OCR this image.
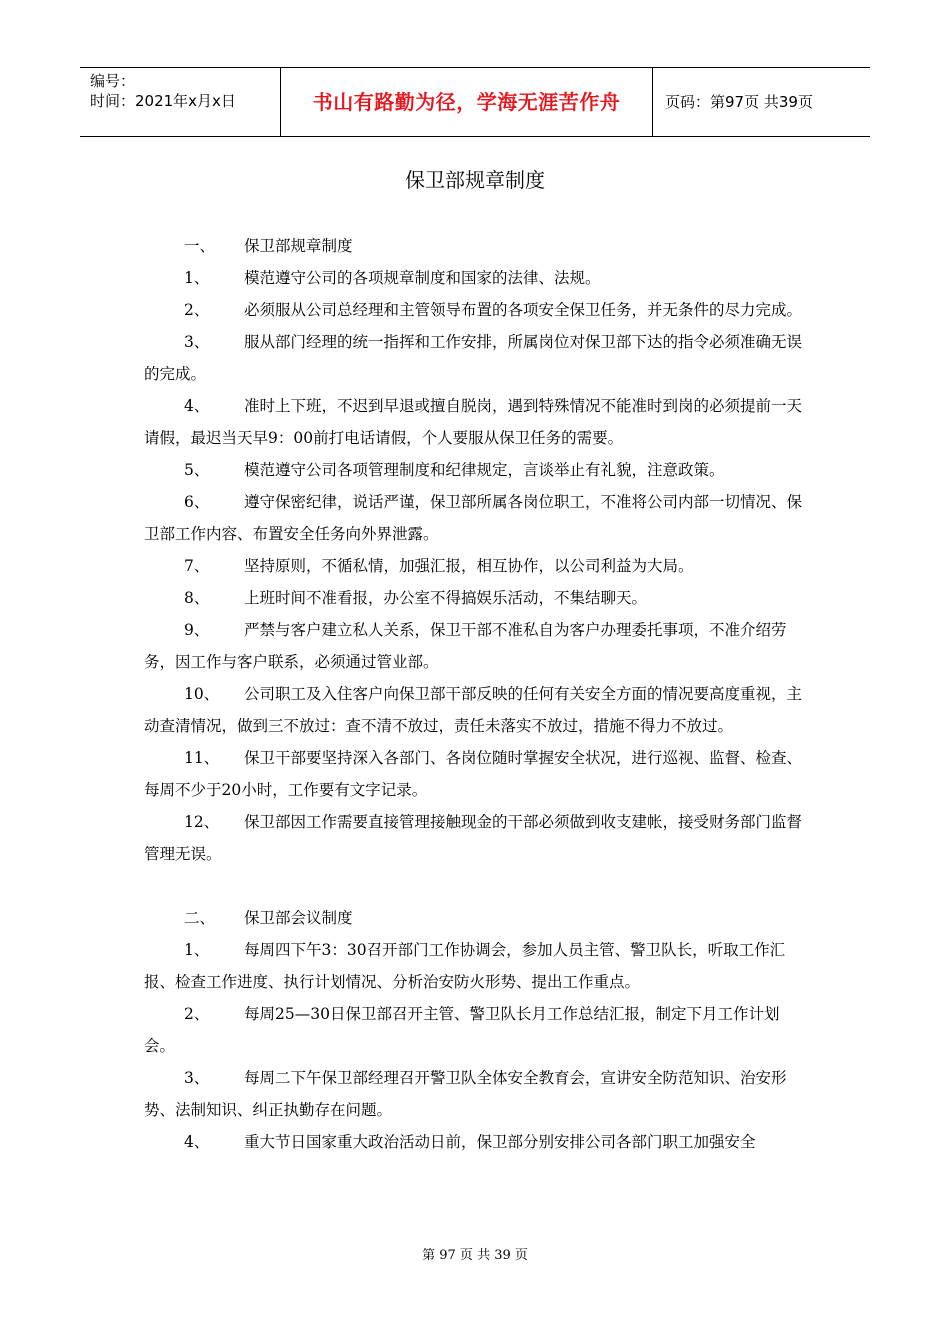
编号：
时间：2021年x月x日	书山有路勤为径，学海无涯苦作舟	页码：第97页 共39页
保卫部规章制度
一、 保卫部规章制度
1、 模范遵守公司的各项规章制度和国家的法律、法规。
2、 必须服从公司总经理和主管领导布置的各项安全保卫任务，并无条件的尽力完成。
3、 服从部门经理的统一指挥和工作安排，所属岗位对保卫部下达的指令必须准确无误的完成。
4、 准时上下班，不迟到早退或擅自脱岗，遇到特殊情况不能准时到岗的必须提前一天请假，最迟当天早9：00前打电话请假，个人要服从保卫任务的需要。
5、 模范遵守公司各项管理制度和纪律规定，言谈举止有礼貌，注意政策。
6、 遵守保密纪律，说话严谨，保卫部所属各岗位职工，不准将公司内部一切情况、保卫部工作内容、布置安全任务向外界泄露。
7、 坚持原则，不循私情，加强汇报，相互协作，以公司利益为大局。
8、 上班时间不准看报，办公室不得搞娱乐活动，不集结聊天。
9、 严禁与客户建立私人关系，保卫干部不准私自为客户办理委托事项，不准介绍劳务，因工作与客户联系，必须通过管业部。
10、 公司职工及入住客户向保卫部干部反映的任何有关安全方面的情况要高度重视，主动查清情况，做到三不放过：查不清不放过，责任未落实不放过，措施不得力不放过。
11、 保卫干部要坚持深入各部门、各岗位随时掌握安全状况，进行巡视、监督、检查、每周不少于20小时，工作要有文字记录。
12、 保卫部因工作需要直接管理接触现金的干部必须做到收支建帐，接受财务部门监督管理无误。
二、 保卫部会议制度
1、 每周四下午3：30召开部门工作协调会，参加人员主管、警卫队长，听取工作汇报、检查工作进度、执行计划情况、分析治安防火形势、提出工作重点。
2、 每周25—30日保卫部召开主管、警卫队长月工作总结汇报，制定下月工作计划会。
3、 每周二下午保卫部经理召开警卫队全体安全教育会，宣讲安全防范知识、治安形势、法制知识、纠正执勤存在问题。
4、 重大节日国家重大政治活动日前，保卫部分别安排公司各部门职工加强安全
第 97 页 共 39 页
